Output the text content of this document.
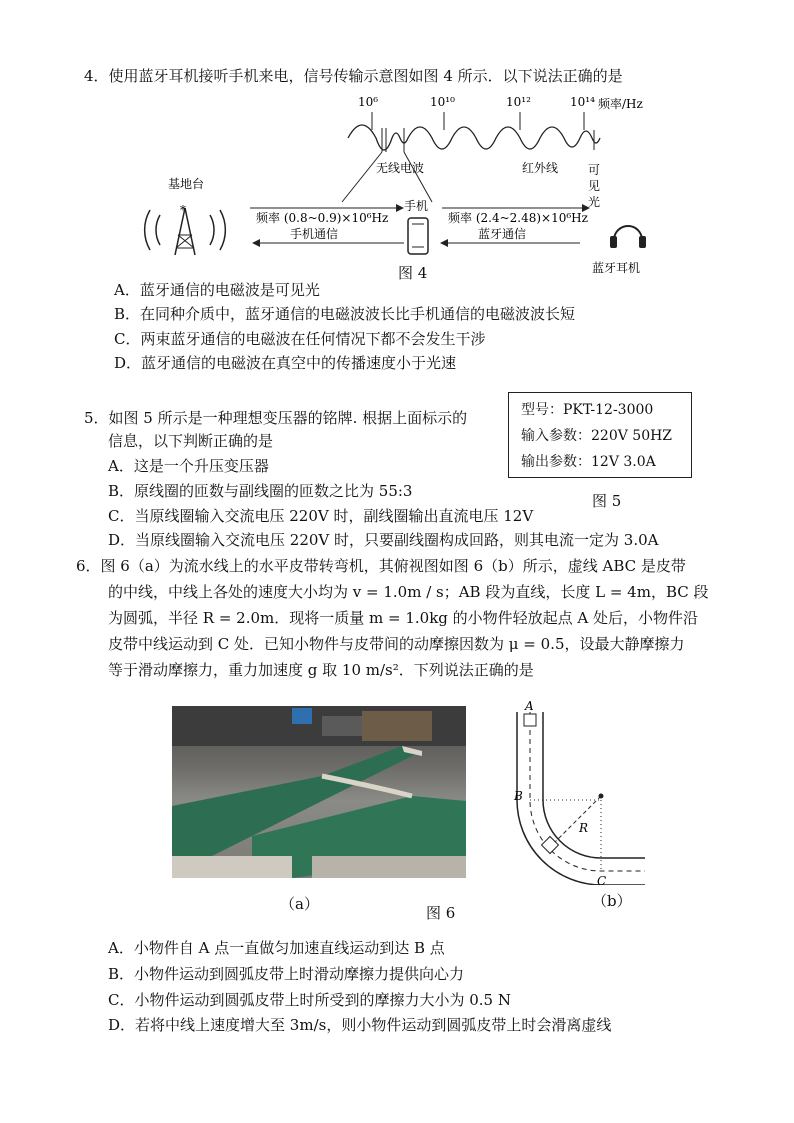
4．使用蓝牙耳机接听手机来电，信号传输示意图如图 4 所示．以下说法正确的是
10⁶	10¹⁰	10¹²	10¹⁴ 频率/Hz
无线电波	红外线 可见光
基地台
*
频率 (0.8~0.9)×10⁶Hz
手机通信
手机
频率 (2.4~2.48)×10⁶Hz
蓝牙通信
蓝牙耳机
图 4
A．蓝牙通信的电磁波是可见光
B．在同种介质中，蓝牙通信的电磁波波长比手机通信的电磁波波长短
C．两束蓝牙通信的电磁波在任何情况下都不会发生干涉
D．蓝牙通信的电磁波在真空中的传播速度小于光速
5．如图 5 所示是一种理想变压器的铭牌. 根据上面标示的
信息，以下判断正确的是
型号：PKT-12-3000
输入参数：220V 50HZ
输出参数：12V 3.0A
图 5
A．这是一个升压变压器
B．原线圈的匝数与副线圈的匝数之比为 55:3
C．当原线圈输入交流电压 220V 时，副线圈输出直流电压 12V
D．当原线圈输入交流电压 220V 时，只要副线圈构成回路，则其电流一定为 3.0A
6．图 6（a）为流水线上的水平皮带转弯机，其俯视图如图 6（b）所示，虚线 ABC 是皮带
的中线，中线上各处的速度大小均为 v = 1.0m / s；AB 段为直线，长度 L = 4m，BC 段
为圆弧，半径 R = 2.0m．现将一质量 m = 1.0kg 的小物件轻放起点 A 处后，小物件沿
皮带中线运动到 C 处．已知小物件与皮带间的动摩擦因数为 μ = 0.5，设最大静摩擦力
等于滑动摩擦力，重力加速度 g 取 10 m/s²．下列说法正确的是
（a）	图 6
A
B
R
C
（b）
A．小物件自 A 点一直做匀加速直线运动到达 B 点
B．小物件运动到圆弧皮带上时滑动摩擦力提供向心力
C．小物件运动到圆弧皮带上时所受到的摩擦力大小为 0.5 N
D．若将中线上速度增大至 3m/s，则小物件运动到圆弧皮带上时会滑离虚线
